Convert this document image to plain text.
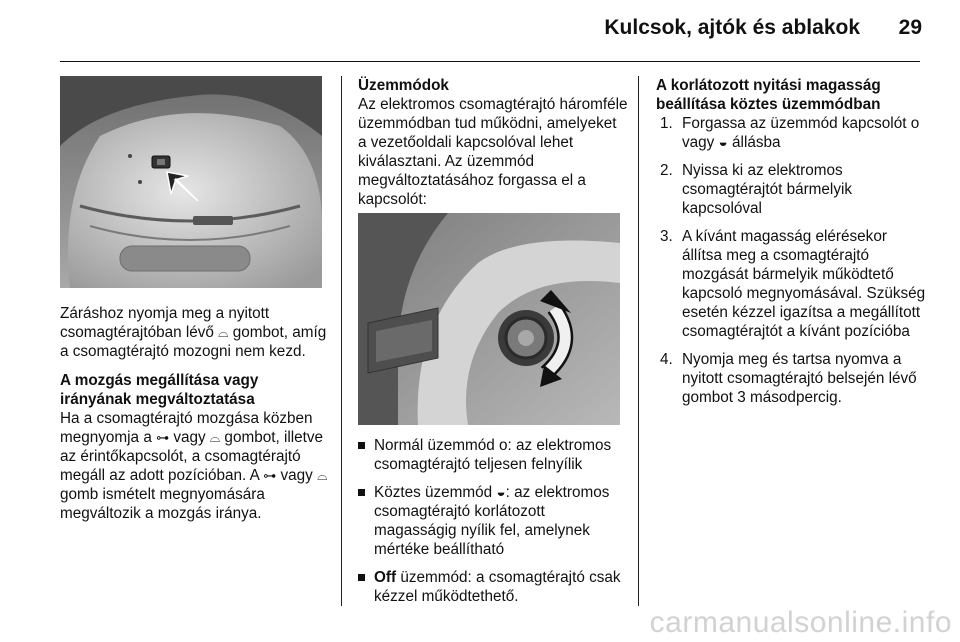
Kulcsok, ajtók és ablakok 29

Záráshoz nyomja meg a nyitott csomagtérajtóban lévő ⌓ gombot, amíg a csomagtérajtó mozogni nem kezd.

A mozgás megállítása vagy irányának megváltoztatása

Ha a csomagtérajtó mozgása közben megnyomja a ⊶ vagy ⌓ gombot, illetve az érintőkapcsolót, a csomagtérajtó megáll az adott pozícióban. A ⊶ vagy ⌓ gomb ismételt megnyomására megváltozik a mozgás iránya.

Üzemmódok

Az elektromos csomagtérajtó háromféle üzemmódban tud működni, amelyeket a vezetőoldali kapcsolóval lehet kiválasztani. Az üzemmód megváltoztatásához forgassa el a kapcsolót:

Normál üzemmód o: az elektromos csomagtérajtó teljesen felnyílik
Köztes üzemmód ◒: az elektromos csomagtérajtó korlátozott magasságig nyílik fel, amelynek mértéke beállítható
Off üzemmód: a csomagtérajtó csak kézzel működtethető.
A korlátozott nyitási magasság beállítása köztes üzemmódban
1. Forgassa az üzemmód kapcsolót o vagy ◒ állásba
2. Nyissa ki az elektromos csomagtérajtót bármelyik kapcsolóval
3. A kívánt magasság elérésekor állítsa meg a csomagtérajtó mozgását bármelyik működtető kapcsoló megnyomásával. Szükség esetén kézzel igazítsa a megállított csomagtérajtót a kívánt pozícióba
4. Nyomja meg és tartsa nyomva a nyitott csomagtérajtó belsején lévő gombot 3 másodpercig.
carmanualsonline.info
